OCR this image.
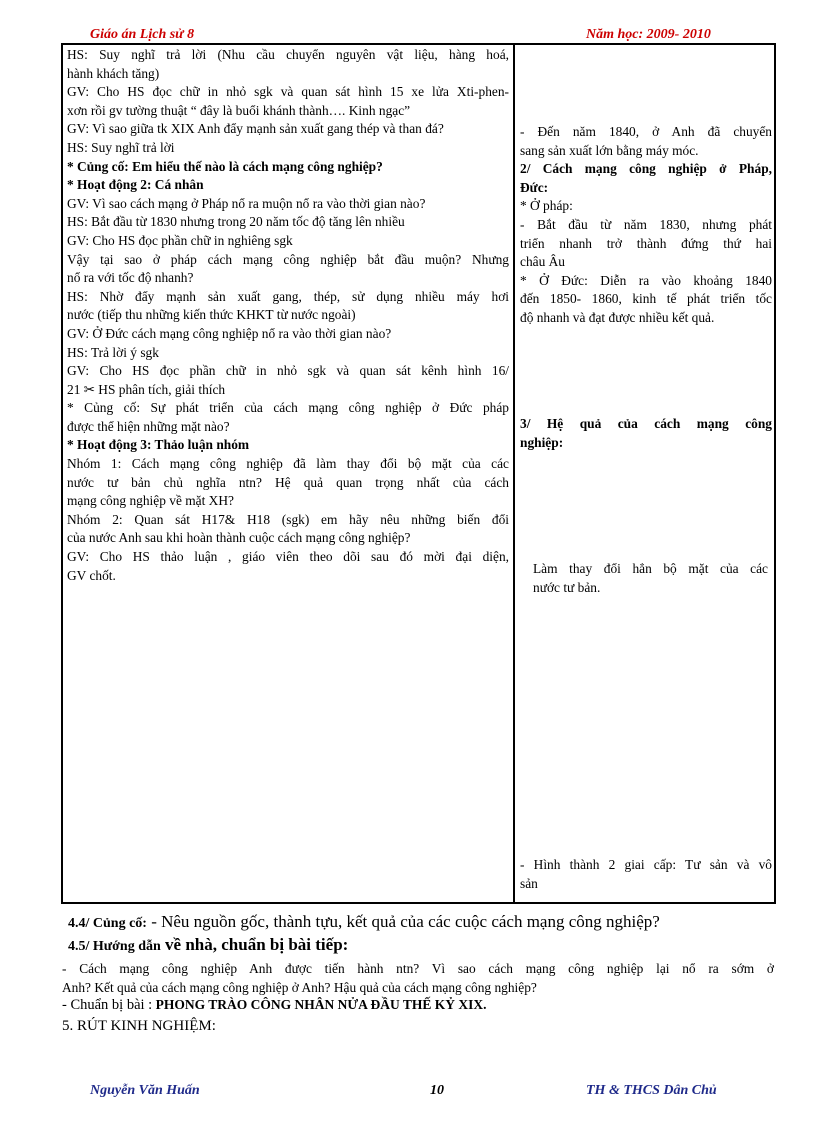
Giáo án Lịch sử 8	Năm học: 2009- 2010
HS: Suy nghĩ trả lời (Nhu cầu chuyển nguyên vật liệu, hàng hoá,
hành khách tăng)
GV: Cho HS đọc chữ in nhỏ sgk và quan sát hình 15 xe lửa Xti-phen-
xơn rồi gv tường thuật “ đây là buổi khánh thành…. Kinh ngạc”
GV: Vì sao giữa tk XIX Anh đẩy mạnh sản xuất gang thép và than đá?
HS: Suy nghĩ trả lời
* Củng cố: Em hiểu thế nào là cách mạng công nghiệp?
* Hoạt động 2: Cá nhân
GV: Vì sao cách mạng ở Pháp nổ ra muộn nổ ra vào thời gian nào?
HS: Bắt đầu từ 1830 nhưng trong 20 năm tốc độ tăng lên nhiều
GV: Cho HS đọc phần chữ in nghiêng sgk
Vậy tại sao ở pháp cách mạng công nghiệp bắt đầu muộn? Nhưng
nổ ra với tốc độ nhanh?
HS: Nhờ đẩy mạnh sản xuất gang, thép, sử dụng nhiều máy hơi
nước (tiếp thu những kiến thức KHKT từ nước ngoài)
GV: Ở Đức cách mạng công nghiệp nổ ra vào thời gian nào?
HS: Trả lời ý sgk
GV: Cho HS đọc phần chữ in nhỏ sgk và quan sát kênh hình 16/
21 ✂ HS phân tích, giải thích
* Củng cố: Sự phát triển của cách mạng công nghiệp ở Đức pháp
được thể hiện những mặt nào?
* Hoạt động 3: Thảo luận nhóm
Nhóm 1: Cách mạng công nghiệp đã làm thay đổi bộ mặt của các
nước tư bản chủ nghĩa ntn? Hệ quả quan trọng nhất của cách
mạng công nghiệp về mặt XH?
Nhóm 2: Quan sát H17& H18 (sgk) em hãy nêu những biến đổi
của nước Anh sau khi hoàn thành cuộc cách mạng công nghiệp?
GV: Cho HS thảo luận , giáo viên theo dõi sau đó mời đại diện,
GV chốt.
- Đến năm 1840, ở Anh đã chuyển
sang sản xuất lớn bằng máy móc.
2/ Cách mạng công nghiệp ở Pháp,
Đức:
* Ở pháp:
- Bắt đầu từ năm 1830, nhưng phát
triển nhanh trở thành đứng thứ hai
châu Âu
* Ở Đức: Diễn ra vào khoảng 1840
đến 1850- 1860, kinh tế phát triển tốc
độ nhanh và đạt được nhiều kết quả.
3/ Hệ quả của cách mạng công
nghiệp:
Làm thay đổi hẳn bộ mặt của các
nước tư bản.
- Hình thành 2 giai cấp: Tư sản và vô
sản
4.4/ Củng cố: - Nêu nguồn gốc, thành tựu, kết quả của các cuộc cách mạng công nghiệp?
4.5/ Hướng dẫn về nhà, chuẩn bị bài tiếp:
- Cách mạng công nghiệp Anh được tiến hành ntn? Vì sao cách mạng công nghiệp lại nổ ra sớm ở
Anh? Kết quả của cách mạng công nghiệp ở Anh? Hậu quả của cách mạng công nghiệp?
- Chuẩn bị bài : PHONG TRÀO CÔNG NHÂN NỬA ĐẦU THẾ KỶ XIX.
5. RÚT KINH NGHIỆM:
Nguyễn Văn Huấn	10	TH & THCS Dân Chủ
